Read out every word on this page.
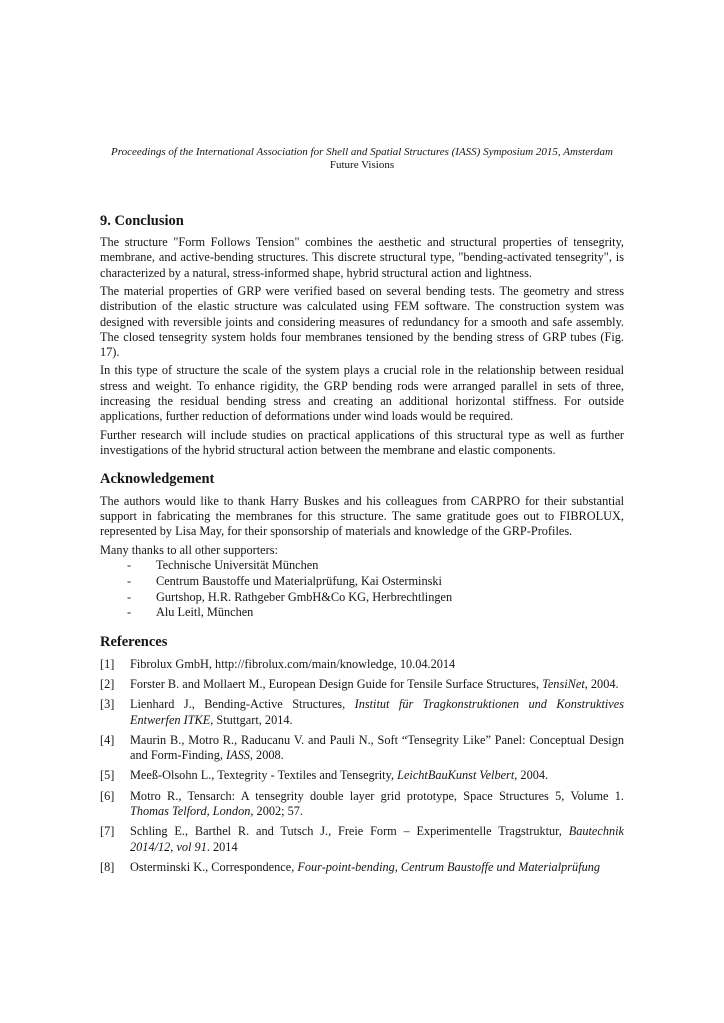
Proceedings of the International Association for Shell and Spatial Structures (IASS) Symposium 2015, Amsterdam
Future Visions
9. Conclusion

The structure "Form Follows Tension" combines the aesthetic and structural properties of tensegrity, membrane, and active-bending structures. This discrete structural type, "bending-activated tensegrity", is characterized by a natural, stress-informed shape, hybrid structural action and lightness.

The material properties of GRP were verified based on several bending tests. The geometry and stress distribution of the elastic structure was calculated using FEM software. The construction system was designed with reversible joints and considering measures of redundancy for a smooth and safe assembly. The closed tensegrity system holds four membranes tensioned by the bending stress of GRP tubes (Fig. 17).

In this type of structure the scale of the system plays a crucial role in the relationship between residual stress and weight. To enhance rigidity, the GRP bending rods were arranged parallel in sets of three, increasing the residual bending stress and creating an additional horizontal stiffness. For outside applications, further reduction of deformations under wind loads would be required.

Further research will include studies on practical applications of this structural type as well as further investigations of the hybrid structural action between the membrane and elastic components.

Acknowledgement

The authors would like to thank Harry Buskes and his colleagues from CARPRO for their substantial support in fabricating the membranes for this structure. The same gratitude goes out to FIBROLUX, represented by Lisa May, for their sponsorship of materials and knowledge of the GRP-Profiles.

Many thanks to all other supporters:

-	Technische Universität München
-	Centrum Baustoffe und Materialprüfung, Kai Osterminski
-	Gurtshop, H.R. Rathgeber GmbH&Co KG, Herbrechtlingen
-	Alu Leitl, München
References
[1] Fibrolux GmbH, http://fibrolux.com/main/knowledge, 10.04.2014
[2] Forster B. and Mollaert M., European Design Guide for Tensile Surface Structures, TensiNet, 2004.
[3] Lienhard J., Bending-Active Structures, Institut für Tragkonstruktionen und Konstruktives Entwerfen ITKE, Stuttgart, 2014.
[4] Maurin B., Motro R., Raducanu V. and Pauli N., Soft “Tensegrity Like” Panel: Conceptual Design and Form-Finding, IASS, 2008.
[5] Meeß-Olsohn L., Textegrity - Textiles and Tensegrity, LeichtBauKunst Velbert, 2004.
[6] Motro R., Tensarch: A tensegrity double layer grid prototype, Space Structures 5, Volume 1. Thomas Telford, London, 2002; 57.
[7] Schling E., Barthel R. and Tutsch J., Freie Form – Experimentelle Tragstruktur, Bautechnik 2014/12, vol 91. 2014
[8] Osterminski K., Correspondence, Four-point-bending, Centrum Baustoffe und Materialprüfung
